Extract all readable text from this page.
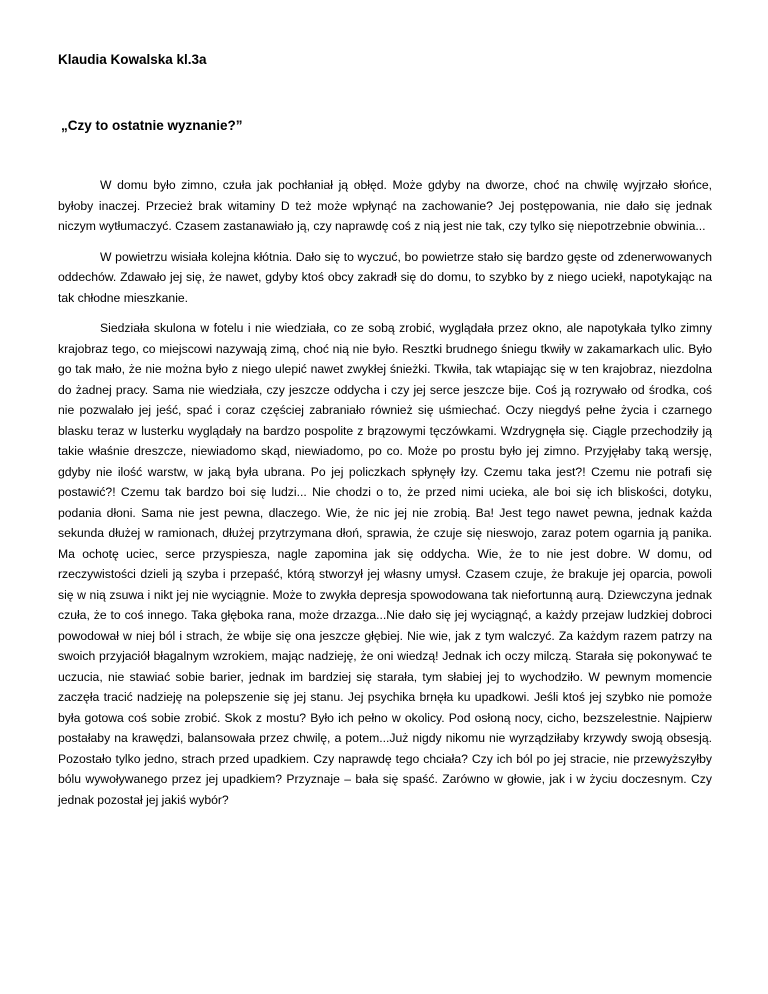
Klaudia Kowalska kl.3a

„Czy to ostatnie wyznanie?”

W domu było zimno, czuła jak pochłaniał ją obłęd. Może gdyby na dworze, choć na chwilę wyjrzało słońce, byłoby inaczej. Przecież brak witaminy D też może wpłynąć na zachowanie? Jej postępowania, nie dało się jednak niczym wytłumaczyć. Czasem zastanawiało ją, czy naprawdę coś z nią jest nie tak, czy tylko się niepotrzebnie obwinia...

W powietrzu wisiała kolejna kłótnia. Dało się to wyczuć, bo powietrze stało się bardzo gęste od zdenerwowanych oddechów. Zdawało jej się, że nawet, gdyby ktoś obcy zakradł się do domu, to szybko by z niego uciekł, napotykając na tak chłodne mieszkanie.

Siedziała skulona w fotelu i nie wiedziała, co ze sobą zrobić, wyglądała przez okno, ale napotykała tylko zimny krajobraz tego, co miejscowi nazywają zimą, choć nią nie było. Resztki brudnego śniegu tkwiły w zakamarkach ulic. Było go tak mało, że nie można było z niego ulepić nawet zwykłej śnieżki. Tkwiła, tak wtapiając się w ten krajobraz, niezdolna do żadnej pracy. Sama nie wiedziała, czy jeszcze oddycha i czy jej serce jeszcze bije. Coś ją rozrywało od środka, coś nie pozwalało jej jeść, spać i coraz częściej zabraniało również się uśmiechać. Oczy niegdyś pełne życia i czarnego blasku teraz w lusterku wyglądały na bardzo pospolite z brązowymi tęczówkami. Wzdrygnęła się. Ciągle przechodziły ją takie właśnie dreszcze, niewiadomo skąd, niewiadomo, po co. Może po prostu było jej zimno. Przyjęłaby taką wersję, gdyby nie ilość warstw, w jaką była ubrana. Po jej policzkach spłynęły łzy. Czemu taka jest?! Czemu nie potrafi się postawić?! Czemu tak bardzo boi się ludzi... Nie chodzi o to, że przed nimi ucieka, ale boi się ich bliskości, dotyku, podania dłoni. Sama nie jest pewna, dlaczego. Wie, że nic jej nie zrobią. Ba! Jest tego nawet pewna, jednak każda sekunda dłużej w ramionach, dłużej przytrzymana dłoń, sprawia, że czuje się nieswojo, zaraz potem ogarnia ją panika. Ma ochotę uciec, serce przyspiesza, nagle zapomina jak się oddycha. Wie, że to nie jest dobre. W domu, od rzeczywistości dzieli ją szyba i przepaść, którą stworzył jej własny umysł. Czasem czuje, że brakuje jej oparcia, powoli się w nią zsuwa i nikt jej nie wyciągnie. Może to zwykła depresja spowodowana tak niefortunną aurą. Dziewczyna jednak czuła, że to coś innego. Taka głęboka rana, może drzazga...Nie dało się jej wyciągnąć, a każdy przejaw ludzkiej dobroci powodował w niej ból i strach, że wbije się ona jeszcze głębiej. Nie wie, jak z tym walczyć. Za każdym razem patrzy na swoich przyjaciół błagalnym wzrokiem, mając nadzieję, że oni wiedzą! Jednak ich oczy milczą. Starała się pokonywać te uczucia, nie stawiać sobie barier, jednak im bardziej się starała, tym słabiej jej to wychodziło. W pewnym momencie zaczęła tracić nadzieję na polepszenie się jej stanu. Jej psychika brnęła ku upadkowi. Jeśli ktoś jej szybko nie pomoże była gotowa coś sobie zrobić. Skok z mostu? Było ich pełno w okolicy. Pod osłoną nocy, cicho, bezszelestnie. Najpierw postałaby na krawędzi, balansowała przez chwilę, a potem...Już nigdy nikomu nie wyrządziłaby krzywdy swoją obsesją. Pozostało tylko jedno, strach przed upadkiem. Czy naprawdę tego chciała? Czy ich ból po jej stracie, nie przewyższyłby bólu wywoływanego przez jej upadkiem? Przyznaje – bała się spaść. Zarówno w głowie, jak i w życiu doczesnym. Czy jednak pozostał jej jakiś wybór?
